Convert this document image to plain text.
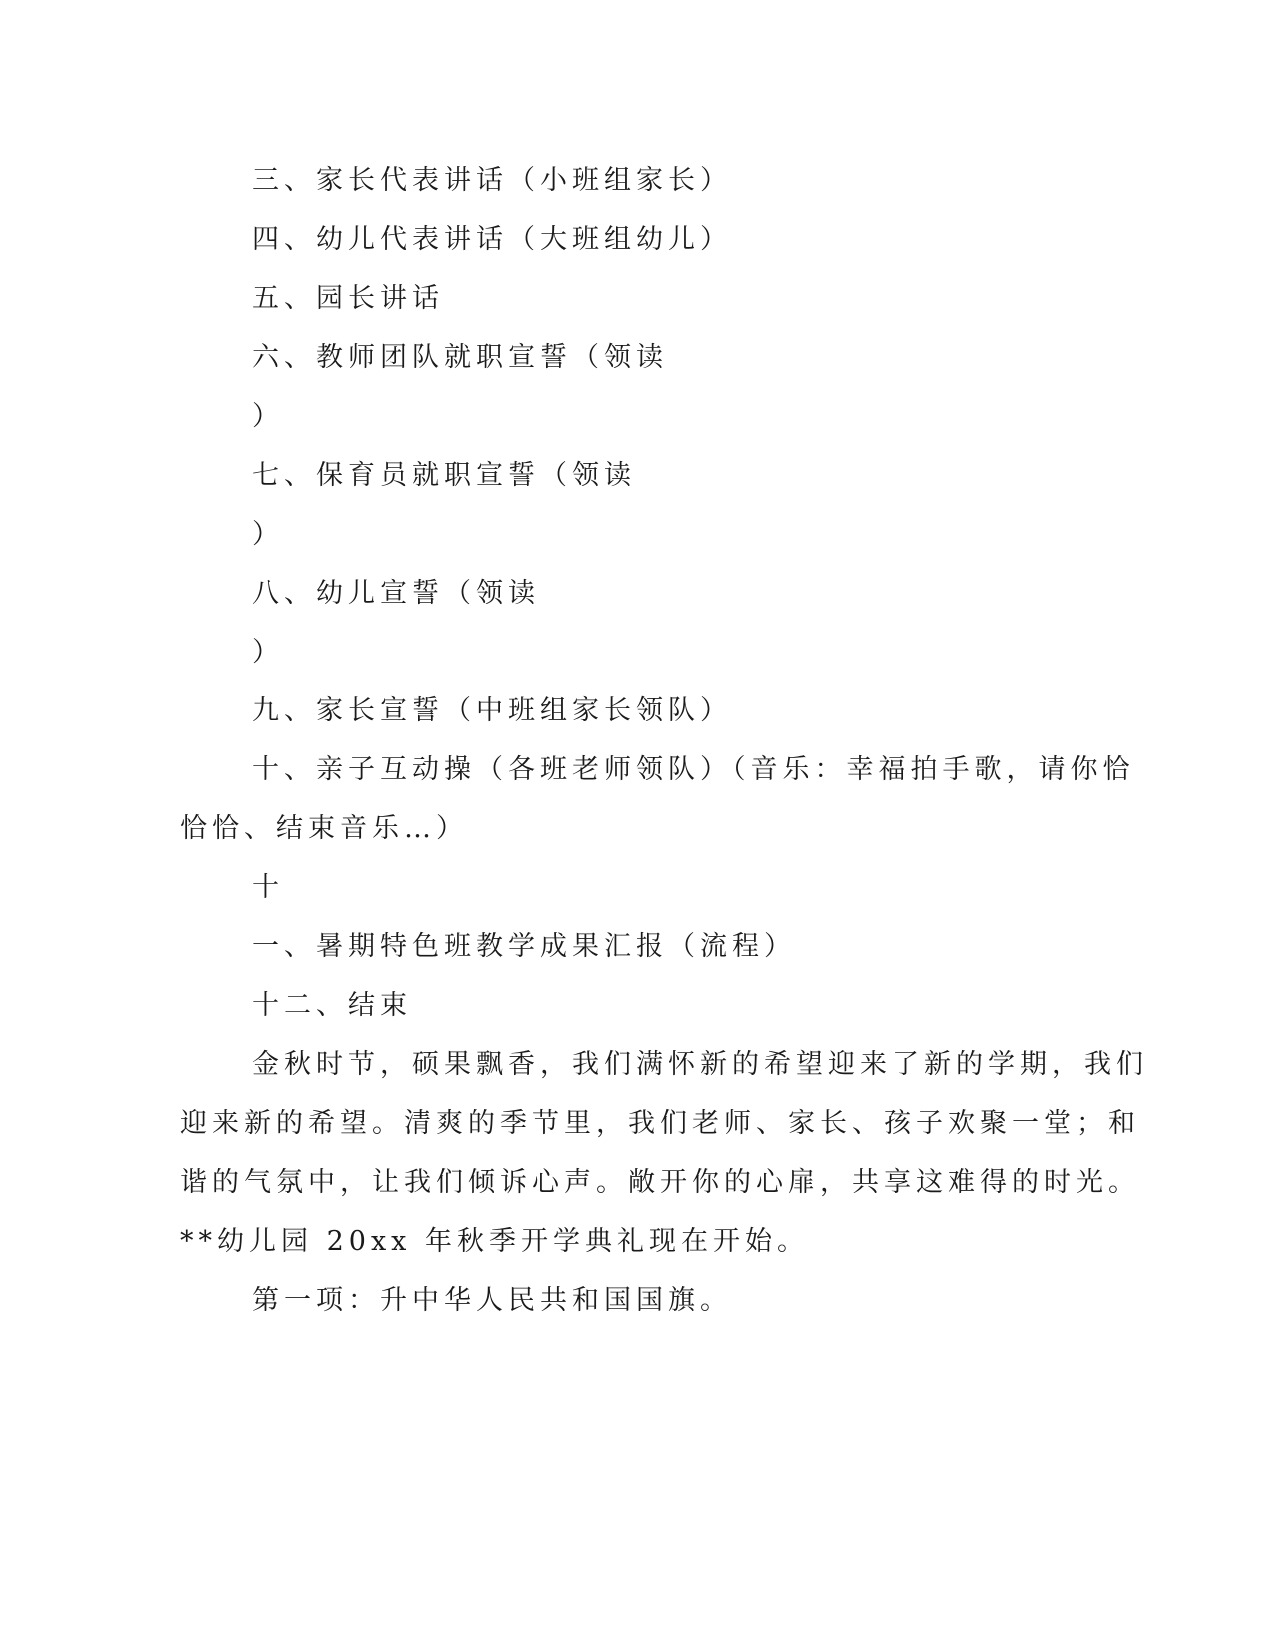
三、家长代表讲话（小班组家长）
四、幼儿代表讲话（大班组幼儿）
五、园长讲话
六、教师团队就职宣誓（领读
）
七、保育员就职宣誓（领读
）
八、幼儿宣誓（领读
）
九、家长宣誓（中班组家长领队）
十、亲子互动操（各班老师领队）（音乐：幸福拍手歌，请你恰
恰恰、结束音乐…）
十
一、暑期特色班教学成果汇报（流程）
十二、结束
金秋时节，硕果飘香，我们满怀新的希望迎来了新的学期，我们
迎来新的希望。清爽的季节里，我们老师、家长、孩子欢聚一堂；和
谐的气氛中，让我们倾诉心声。敞开你的心扉，共享这难得的时光。
**幼儿园 20xx 年秋季开学典礼现在开始。
第一项：升中华人民共和国国旗。
